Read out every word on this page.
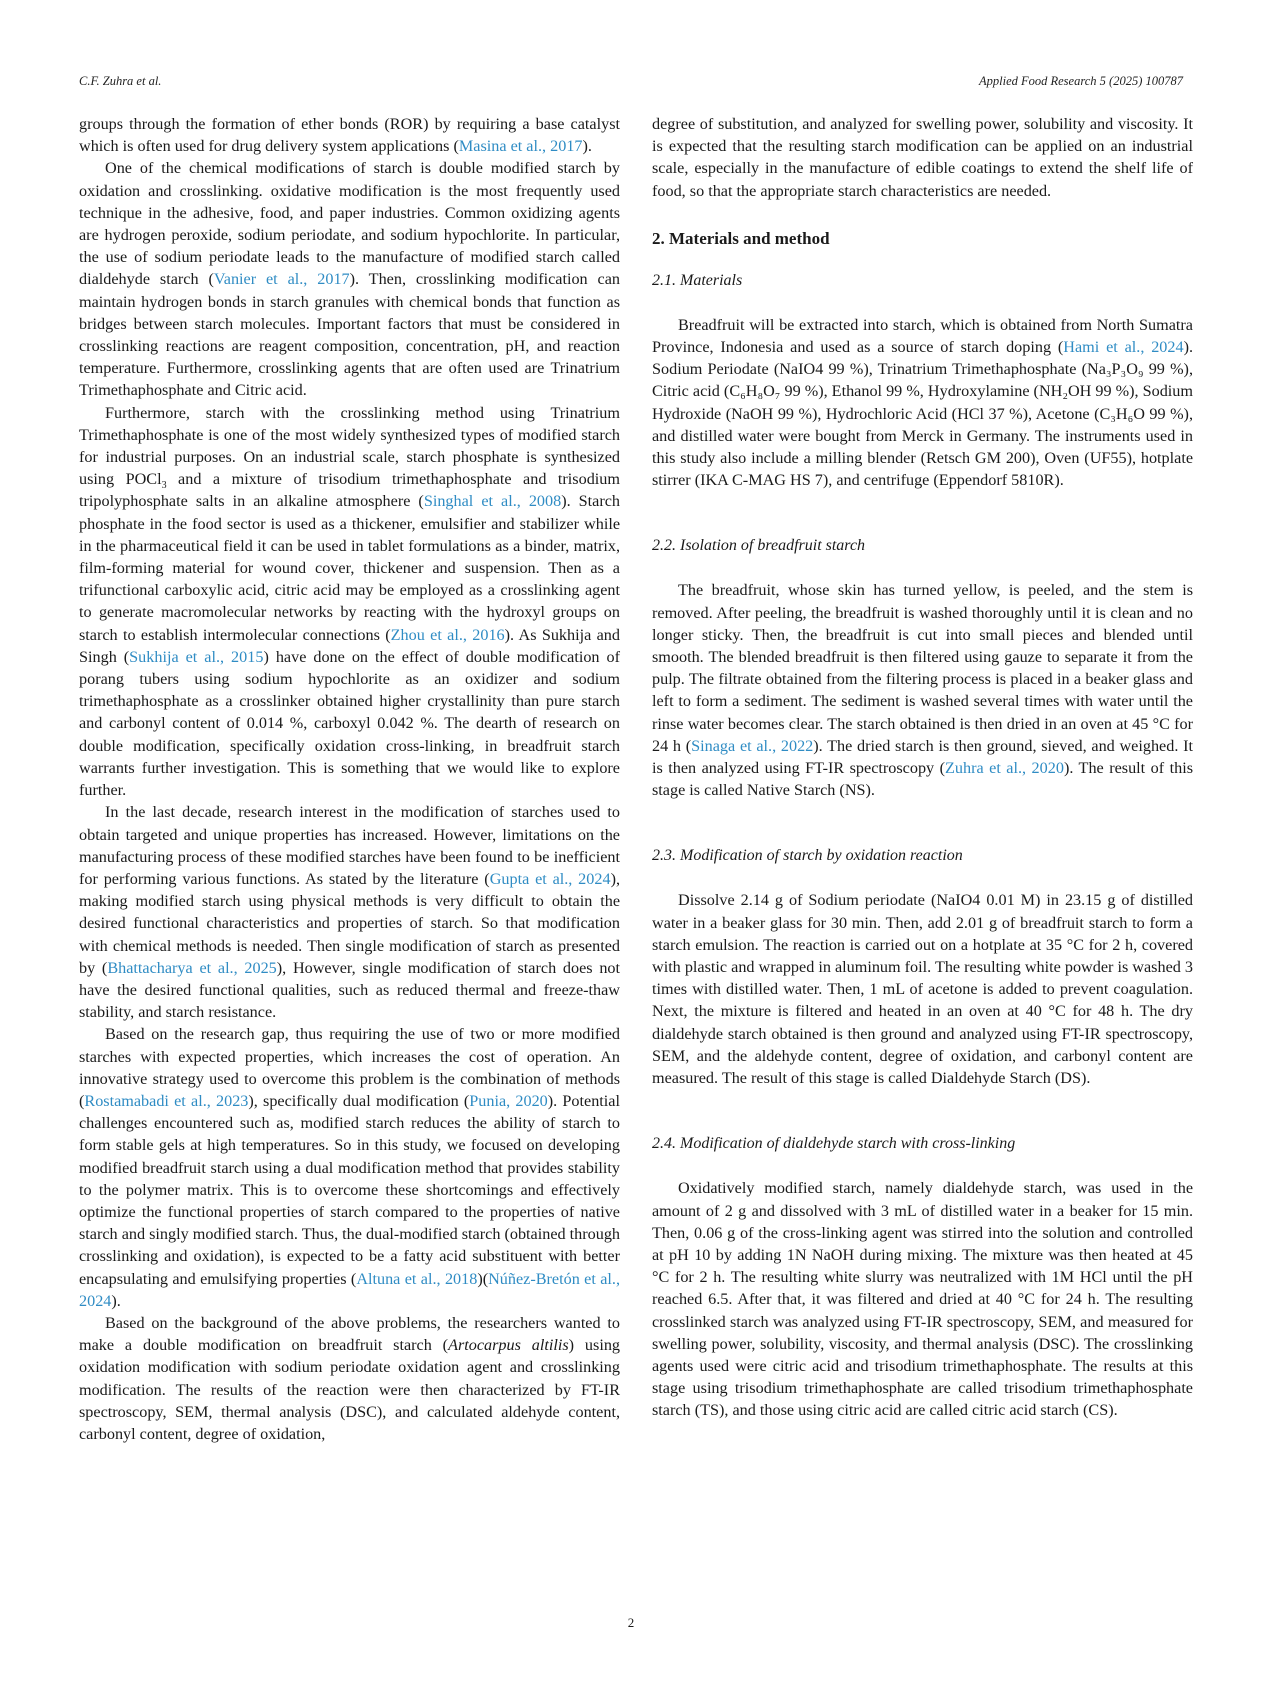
C.F. Zuhra et al.	Applied Food Research 5 (2025) 100787

groups through the formation of ether bonds (ROR) by requiring a base catalyst which is often used for drug delivery system applications (Masina et al., 2017).

One of the chemical modifications of starch is double modified starch by oxidation and crosslinking. oxidative modification is the most frequently used technique in the adhesive, food, and paper industries. Common oxidizing agents are hydrogen peroxide, sodium periodate, and sodium hypochlorite. In particular, the use of sodium periodate leads to the manufacture of modified starch called dialdehyde starch (Vanier et al., 2017). Then, crosslinking modification can maintain hydrogen bonds in starch granules with chemical bonds that function as bridges between starch molecules. Important factors that must be considered in crosslinking reactions are reagent composition, concentration, pH, and reaction temperature. Furthermore, crosslinking agents that are often used are Trinatrium Trimethaphosphate and Citric acid.

Furthermore, starch with the crosslinking method using Trinatrium Trimethaphosphate is one of the most widely synthesized types of modified starch for industrial purposes. On an industrial scale, starch phosphate is synthesized using POCl$_3$ and a mixture of trisodium trimethaphosphate and trisodium tripolyphosphate salts in an alkaline atmosphere (Singhal et al., 2008). Starch phosphate in the food sector is used as a thickener, emulsifier and stabilizer while in the pharmaceutical field it can be used in tablet formulations as a binder, matrix, film-forming material for wound cover, thickener and suspension. Then as a trifunctional carboxylic acid, citric acid may be employed as a crosslinking agent to generate macromolecular networks by reacting with the hydroxyl groups on starch to establish intermolecular connections (Zhou et al., 2016). As Sukhija and Singh (Sukhija et al., 2015) have done on the effect of double modification of porang tubers using sodium hypochlorite as an oxidizer and sodium trimethaphosphate as a crosslinker obtained higher crystallinity than pure starch and carbonyl content of 0.014 %, carboxyl 0.042 %. The dearth of research on double modification, specifically oxidation cross-linking, in breadfruit starch warrants further investigation. This is something that we would like to explore further.

In the last decade, research interest in the modification of starches used to obtain targeted and unique properties has increased. However, limitations on the manufacturing process of these modified starches have been found to be inefficient for performing various functions. As stated by the literature (Gupta et al., 2024), making modified starch using physical methods is very difficult to obtain the desired functional characteristics and properties of starch. So that modification with chemical methods is needed. Then single modification of starch as presented by (Bhattacharya et al., 2025), However, single modification of starch does not have the desired functional qualities, such as reduced thermal and freeze-thaw stability, and starch resistance.

Based on the research gap, thus requiring the use of two or more modified starches with expected properties, which increases the cost of operation. An innovative strategy used to overcome this problem is the combination of methods (Rostamabadi et al., 2023), specifically dual modification (Punia, 2020). Potential challenges encountered such as, modified starch reduces the ability of starch to form stable gels at high temperatures. So in this study, we focused on developing modified breadfruit starch using a dual modification method that provides stability to the polymer matrix. This is to overcome these shortcomings and effectively optimize the functional properties of starch compared to the properties of native starch and singly modified starch. Thus, the dual-modified starch (obtained through crosslinking and oxidation), is expected to be a fatty acid substituent with better encapsulating and emulsifying properties (Altuna et al., 2018)(Núñez-Bretón et al., 2024).

Based on the background of the above problems, the researchers wanted to make a double modification on breadfruit starch (Artocarpus altilis) using oxidation modification with sodium periodate oxidation agent and crosslinking modification. The results of the reaction were then characterized by FT-IR spectroscopy, SEM, thermal analysis (DSC), and calculated aldehyde content, carbonyl content, degree of oxidation,

degree of substitution, and analyzed for swelling power, solubility and viscosity. It is expected that the resulting starch modification can be applied on an industrial scale, especially in the manufacture of edible coatings to extend the shelf life of food, so that the appropriate starch characteristics are needed.

2. Materials and method
2.1. Materials

Breadfruit will be extracted into starch, which is obtained from North Sumatra Province, Indonesia and used as a source of starch doping (Hami et al., 2024). Sodium Periodate (NaIO4 99 %), Trinatrium Trimethaphosphate (Na₃P₃O₉ 99 %), Citric acid (C₆H₈O₇ 99 %), Ethanol 99 %, Hydroxylamine (NH₂OH 99 %), Sodium Hydroxide (NaOH 99 %), Hydrochloric Acid (HCl 37 %), Acetone (C₃H₆O 99 %), and distilled water were bought from Merck in Germany. The instruments used in this study also include a milling blender (Retsch GM 200), Oven (UF55), hotplate stirrer (IKA C-MAG HS 7), and centrifuge (Eppendorf 5810R).

2.2. Isolation of breadfruit starch

The breadfruit, whose skin has turned yellow, is peeled, and the stem is removed. After peeling, the breadfruit is washed thoroughly until it is clean and no longer sticky. Then, the breadfruit is cut into small pieces and blended until smooth. The blended breadfruit is then filtered using gauze to separate it from the pulp. The filtrate obtained from the filtering process is placed in a beaker glass and left to form a sediment. The sediment is washed several times with water until the rinse water becomes clear. The starch obtained is then dried in an oven at 45 °C for 24 h (Sinaga et al., 2022). The dried starch is then ground, sieved, and weighed. It is then analyzed using FT-IR spectroscopy (Zuhra et al., 2020). The result of this stage is called Native Starch (NS).

2.3. Modification of starch by oxidation reaction

Dissolve 2.14 g of Sodium periodate (NaIO4 0.01 M) in 23.15 g of distilled water in a beaker glass for 30 min. Then, add 2.01 g of breadfruit starch to form a starch emulsion. The reaction is carried out on a hotplate at 35 °C for 2 h, covered with plastic and wrapped in aluminum foil. The resulting white powder is washed 3 times with distilled water. Then, 1 mL of acetone is added to prevent coagulation. Next, the mixture is filtered and heated in an oven at 40 °C for 48 h. The dry dialdehyde starch obtained is then ground and analyzed using FT-IR spectroscopy, SEM, and the aldehyde content, degree of oxidation, and carbonyl content are measured. The result of this stage is called Dialdehyde Starch (DS).

2.4. Modification of dialdehyde starch with cross-linking

Oxidatively modified starch, namely dialdehyde starch, was used in the amount of 2 g and dissolved with 3 mL of distilled water in a beaker for 15 min. Then, 0.06 g of the cross-linking agent was stirred into the solution and controlled at pH 10 by adding 1N NaOH during mixing. The mixture was then heated at 45 °C for 2 h. The resulting white slurry was neutralized with 1M HCl until the pH reached 6.5. After that, it was filtered and dried at 40 °C for 24 h. The resulting crosslinked starch was analyzed using FT-IR spectroscopy, SEM, and measured for swelling power, solubility, viscosity, and thermal analysis (DSC). The crosslinking agents used were citric acid and trisodium trimethaphosphate. The results at this stage using trisodium trimethaphosphate are called trisodium trimethaphosphate starch (TS), and those using citric acid are called citric acid starch (CS).

2
